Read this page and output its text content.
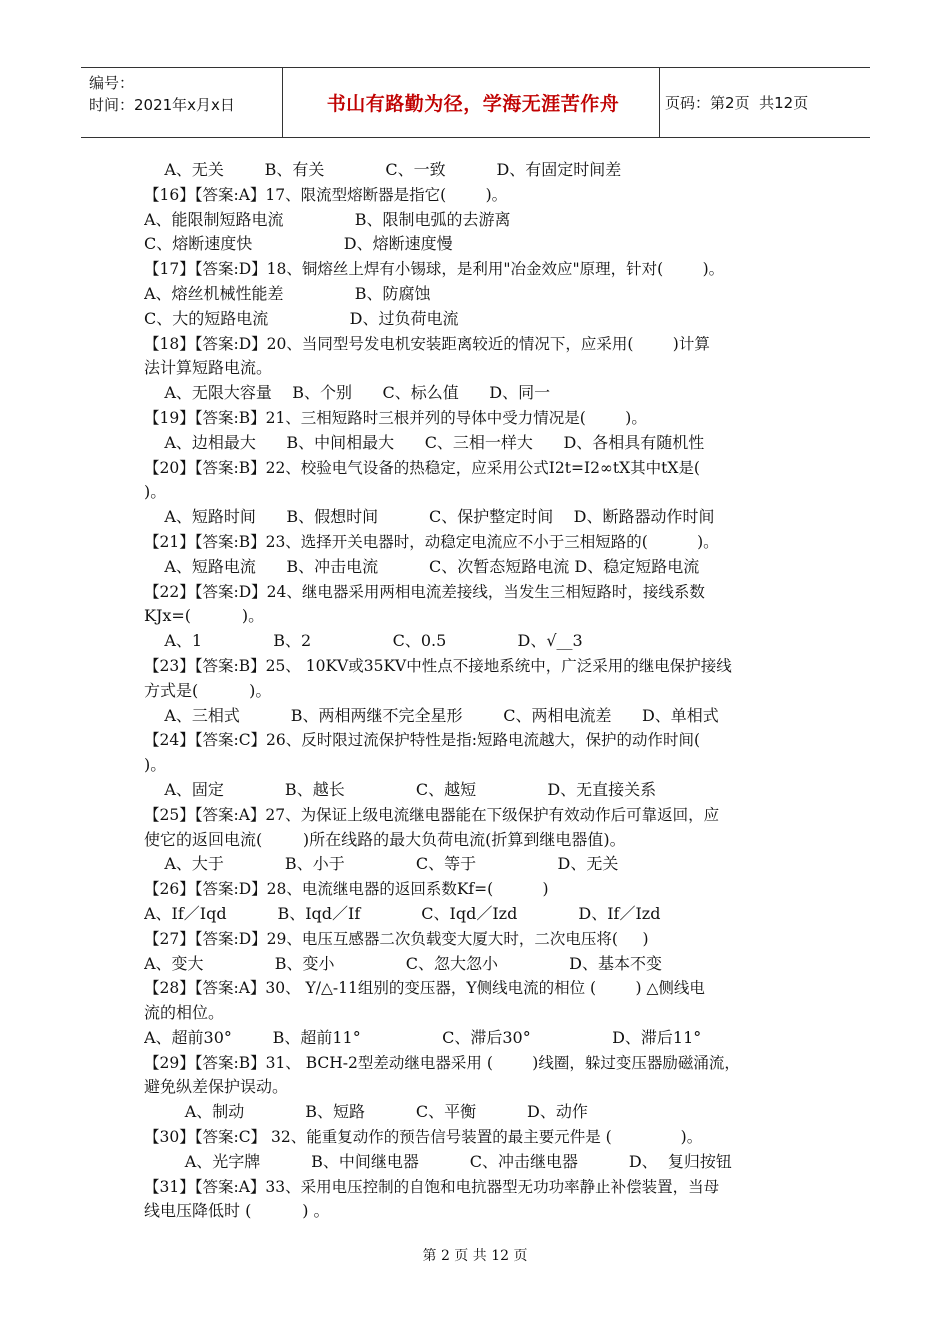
编号：
时间：2021年x月x日	书山有路勤为径，学海无涯苦作舟	页码：第 2 页  共 12 页
A、无关        B、有关            C、一致          D、有固定时间差
【16】【答案:A】17、限流型熔断器是指它(        )。
A、能限制短路电流              B、限制电弧的去游离
C、熔断速度快                  D、熔断速度慢
【17】【答案:D】18、铜熔丝上焊有小锡球，是利用"冶金效应"原理，针对(        )。
A、熔丝机械性能差              B、防腐蚀
C、大的短路电流                D、过负荷电流
【18】【答案:D】20、当同型号发电机安装距离较近的情况下，应采用(        )计算
法计算短路电流。
A、无限大容量    B、个别      C、标么值      D、同一
【19】【答案:B】21、三相短路时三根并列的导体中受力情况是(        )。
A、边相最大      B、中间相最大      C、三相一样大      D、各相具有随机性
【20】【答案:B】22、校验电气设备的热稳定，应采用公式I2t=I2∞tX其中tX是(
)。
A、短路时间      B、假想时间          C、保护整定时间    D、断路器动作时间
【21】【答案:B】23、选择开关电器时，动稳定电流应不小于三相短路的(          )。
A、短路电流      B、冲击电流          C、次暂态短路电流 D、稳定短路电流
【22】【答案:D】24、继电器采用两相电流差接线，当发生三相短路时，接线系数
KJx=(          )。
A、1              B、2                C、0.5              D、√__3
【23】【答案:B】25、 10KV或35KV中性点不接地系统中，广泛采用的继电保护接线
方式是(          )。
A、三相式          B、两相两继不完全星形        C、两相电流差      D、单相式
【24】【答案:C】26、反时限过流保护特性是指:短路电流越大，保护的动作时间(
)。
A、固定            B、越长              C、越短              D、无直接关系
【25】【答案:A】27、为保证上级电流继电器能在下级保护有效动作后可靠返回，应
使它的返回电流(        )所在线路的最大负荷电流(折算到继电器值)。
A、大于            B、小于              C、等于                D、无关
【26】【答案:D】28、电流继电器的返回系数Kf=(          )
A、If／Iqd          B、Iqd／If            C、Iqd／Izd            D、If／Izd
【27】【答案:D】29、电压互感器二次负载变大厦大时，二次电压将(     )
A、变大              B、变小              C、忽大忽小              D、基本不变
【28】【答案:A】30、 Y/△-11组别的变压器，Y侧线电流的相位 (        ) △侧线电
流的相位。
A、超前30°        B、超前11°                C、滞后30°                D、滞后11°
【29】【答案:B】31、 BCH-2型差动继电器采用 (        )线圈，躲过变压器励磁涌流，
避免纵差保护误动。
A、制动            B、短路          C、平衡          D、动作
【30】【答案:C】 32、能重复动作的预告信号装置的最主要元件是 (              )。
A、光字牌          B、中间继电器          C、冲击继电器          D、  复归按钮
【31】【答案:A】33、采用电压控制的自饱和电抗器型无功功率静止补偿装置，当母
线电压降低时 (          ) 。
第 2 页 共 12 页
